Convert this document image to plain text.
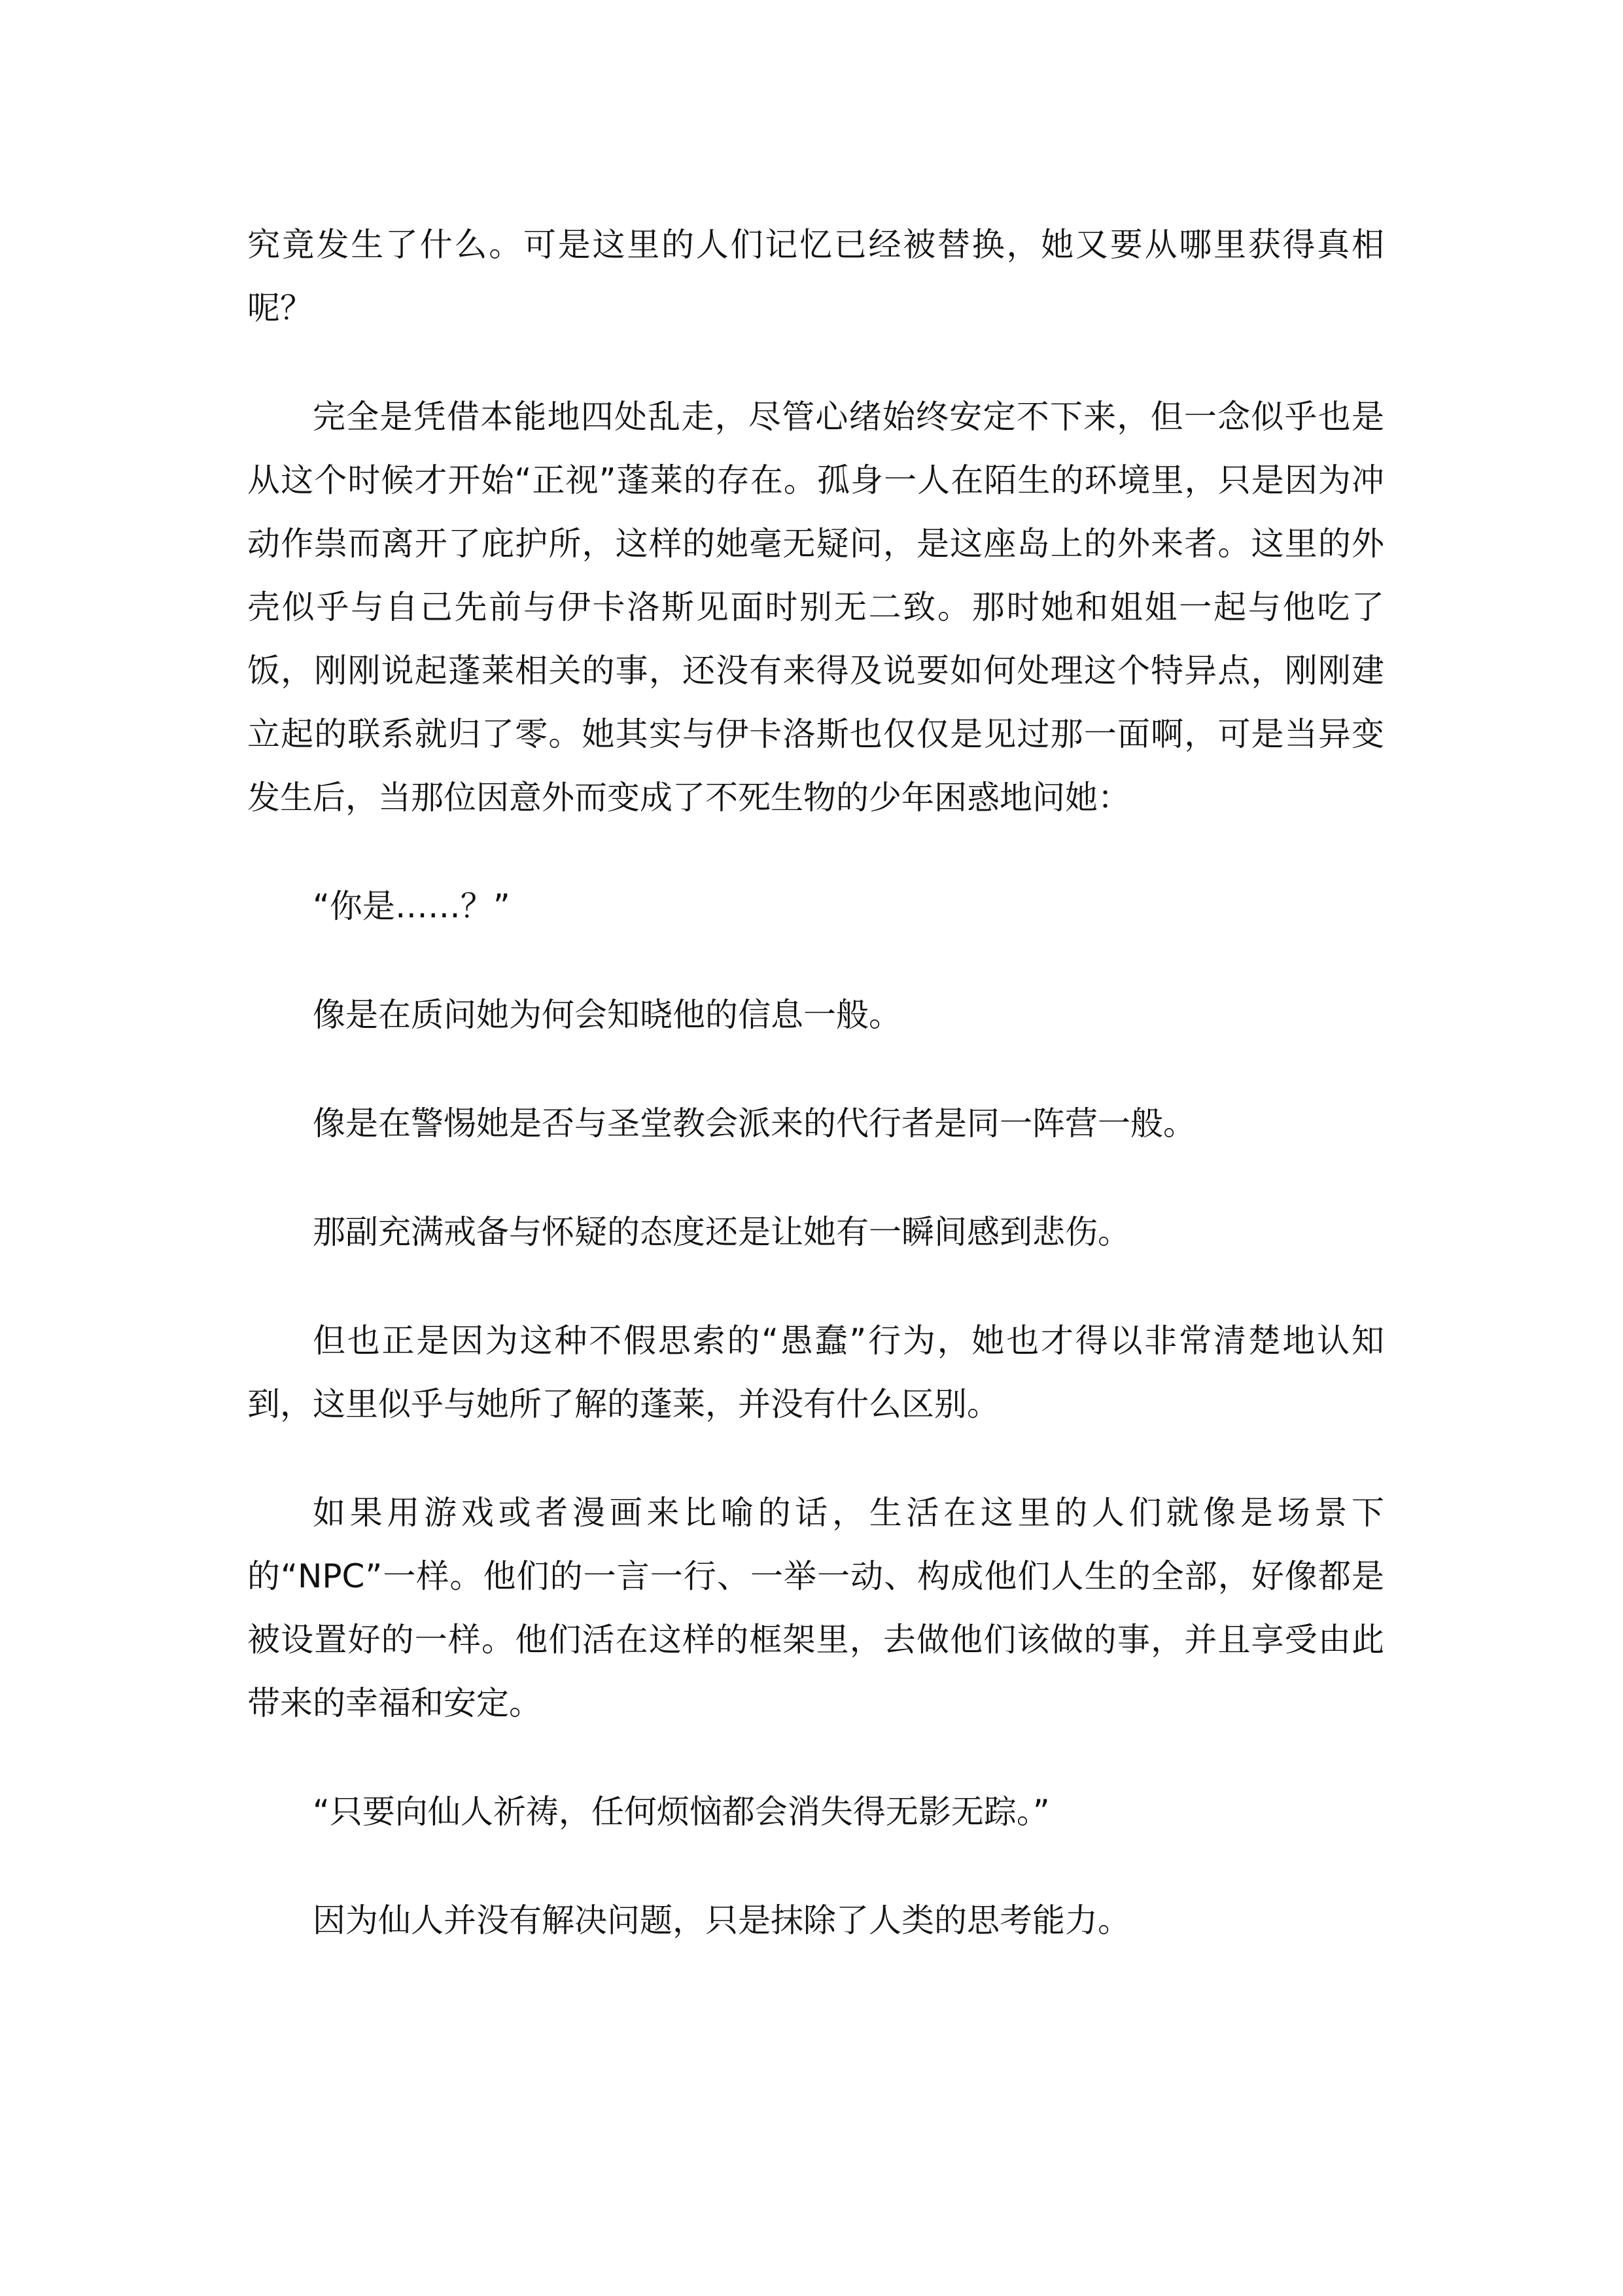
究竟发生了什么。可是这里的人们记忆已经被替换，她又要从哪里获得真相呢？

完全是凭借本能地四处乱走，尽管心绪始终安定不下来，但一念似乎也是从这个时候才开始“正视”蓬莱的存在。孤身一人在陌生的环境里，只是因为冲动作祟而离开了庇护所，这样的她毫无疑问，是这座岛上的外来者。这里的外壳似乎与自己先前与伊卡洛斯见面时别无二致。那时她和姐姐一起与他吃了饭，刚刚说起蓬莱相关的事，还没有来得及说要如何处理这个特异点，刚刚建立起的联系就归了零。她其实与伊卡洛斯也仅仅是见过那一面啊，可是当异变发生后，当那位因意外而变成了不死生物的少年困惑地问她：

“你是……？”

像是在质问她为何会知晓他的信息一般。

像是在警惕她是否与圣堂教会派来的代行者是同一阵营一般。

那副充满戒备与怀疑的态度还是让她有一瞬间感到悲伤。

但也正是因为这种不假思索的“愚蠢”行为，她也才得以非常清楚地认知到，这里似乎与她所了解的蓬莱，并没有什么区别。

如果用游戏或者漫画来比喻的话，生活在这里的人们就像是场景下的“NPC”一样。他们的一言一行、一举一动、构成他们人生的全部，好像都是被设置好的一样。他们活在这样的框架里，去做他们该做的事，并且享受由此带来的幸福和安定。

“只要向仙人祈祷，任何烦恼都会消失得无影无踪。”

因为仙人并没有解决问题，只是抹除了人类的思考能力。
